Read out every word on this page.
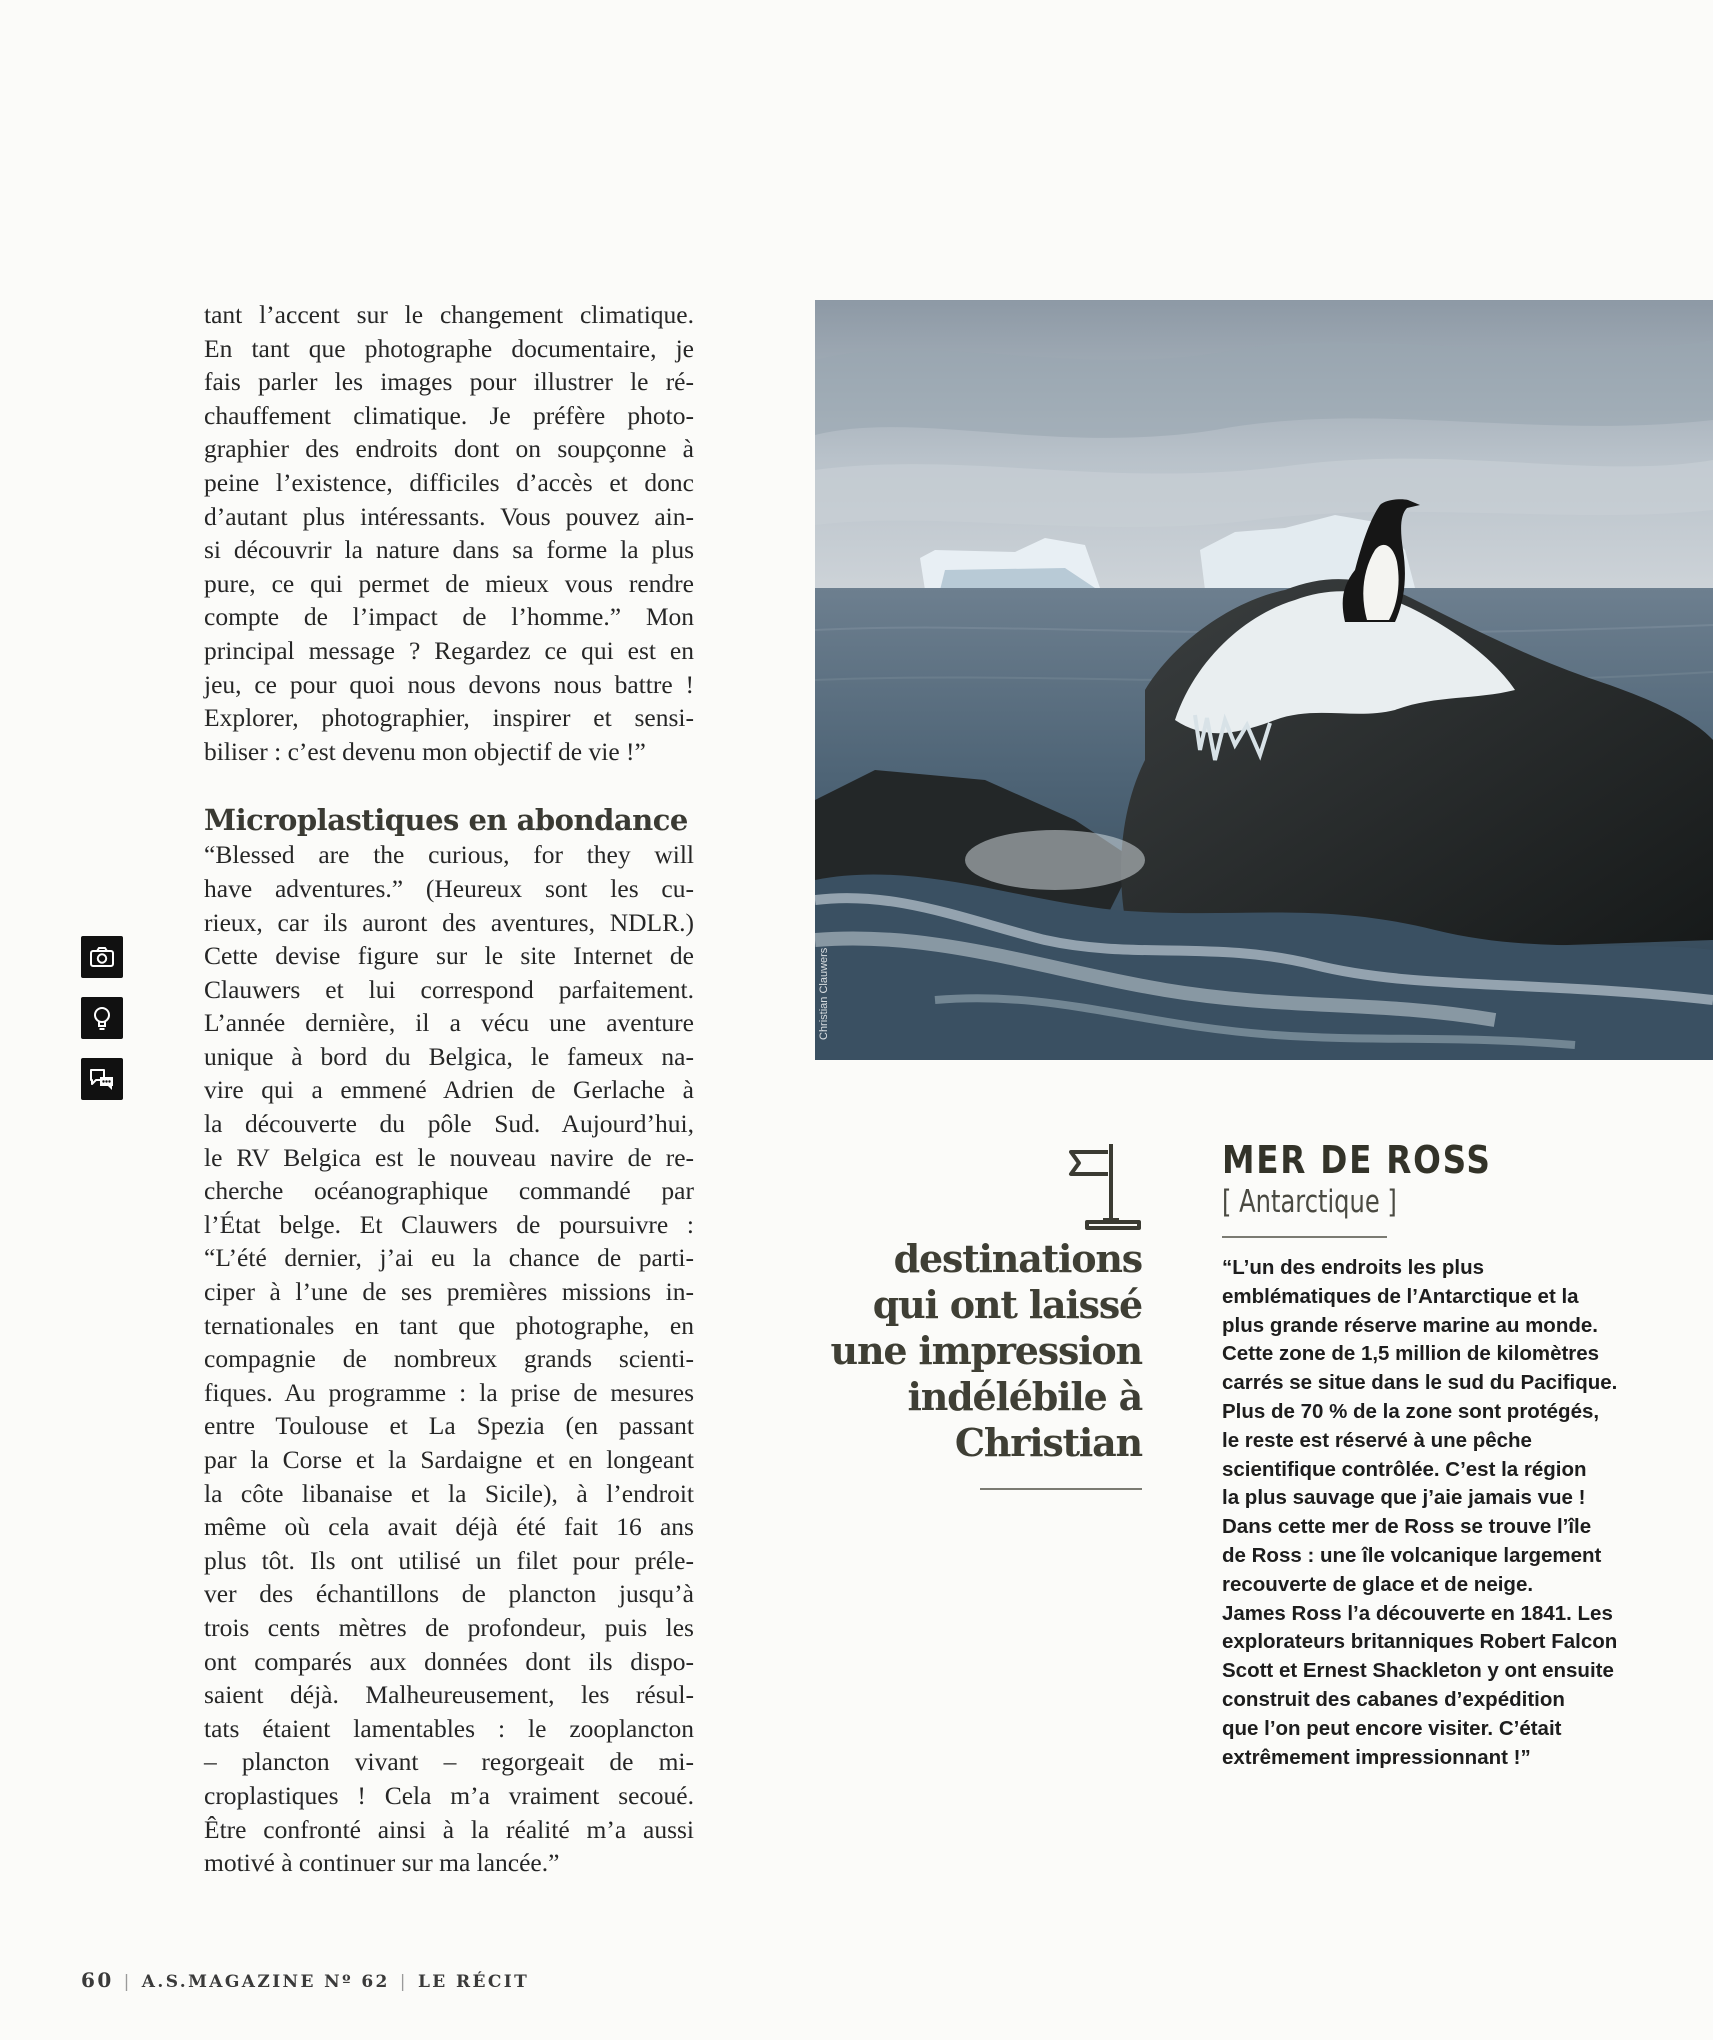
tant l’accent sur le changement climatique.
En tant que photographe documentaire, je
fais parler les images pour illustrer le ré-
chauffement climatique. Je préfère photo-
graphier des endroits dont on soupçonne à
peine l’existence, difficiles d’accès et donc
d’autant plus intéressants. Vous pouvez ain-
si découvrir la nature dans sa forme la plus
pure, ce qui permet de mieux vous rendre
compte de l’impact de l’homme.” Mon
principal message ? Regardez ce qui est en
jeu, ce pour quoi nous devons nous battre !
Explorer, photographier, inspirer et sensi-
biliser : c’est devenu mon objectif de vie !”

Microplastiques en abondance

“Blessed are the curious, for they will
have adventures.” (Heureux sont les cu-
rieux, car ils auront des aventures, NDLR.)
Cette devise figure sur le site Internet de
Clauwers et lui correspond parfaitement.
L’année dernière, il a vécu une aventure
unique à bord du Belgica, le fameux na-
vire qui a emmené Adrien de Gerlache à
la découverte du pôle Sud. Aujourd’hui,
le RV Belgica est le nouveau navire de re-
cherche océanographique commandé par
l’État belge. Et Clauwers de poursuivre :
“L’été dernier, j’ai eu la chance de parti-
ciper à l’une de ses premières missions in-
ternationales en tant que photographe, en
compagnie de nombreux grands scienti-
fiques. Au programme : la prise de mesures
entre Toulouse et La Spezia (en passant
par la Corse et la Sardaigne et en longeant
la côte libanaise et la Sicile), à l’endroit
même où cela avait déjà été fait 16 ans
plus tôt. Ils ont utilisé un filet pour préle-
ver des échantillons de plancton jusqu’à
trois cents mètres de profondeur, puis les
ont comparés aux données dont ils dispo-
saient déjà. Malheureusement, les résul-
tats étaient lamentables : le zooplancton
– plancton vivant – regorgeait de mi-
croplastiques ! Cela m’a vraiment secoué.
Être confronté ainsi à la réalité m’a aussi
motivé à continuer sur ma lancée.”

Christian Clauwers
destinations
qui ont laissé
une impression
indélébile à
Christian
MER DE ROSS
[ Antarctique ]
“L’un des endroits les plus
emblématiques de l’Antarctique et la
plus grande réserve marine au monde.
Cette zone de 1,5 million de kilomètres
carrés se situe dans le sud du Pacifique.
Plus de 70 % de la zone sont protégés,
le reste est réservé à une pêche
scientifique contrôlée. C’est la région
la plus sauvage que j’aie jamais vue !
Dans cette mer de Ross se trouve l’île
de Ross : une île volcanique largement
recouverte de glace et de neige.
James Ross l’a découverte en 1841. Les
explorateurs britanniques Robert Falcon
Scott et Ernest Shackleton y ont ensuite
construit des cabanes d’expédition
que l’on peut encore visiter. C’était
extrêmement impressionnant !”
60 | A.S.MAGAZINE Nº 62 | LE RÉCIT
